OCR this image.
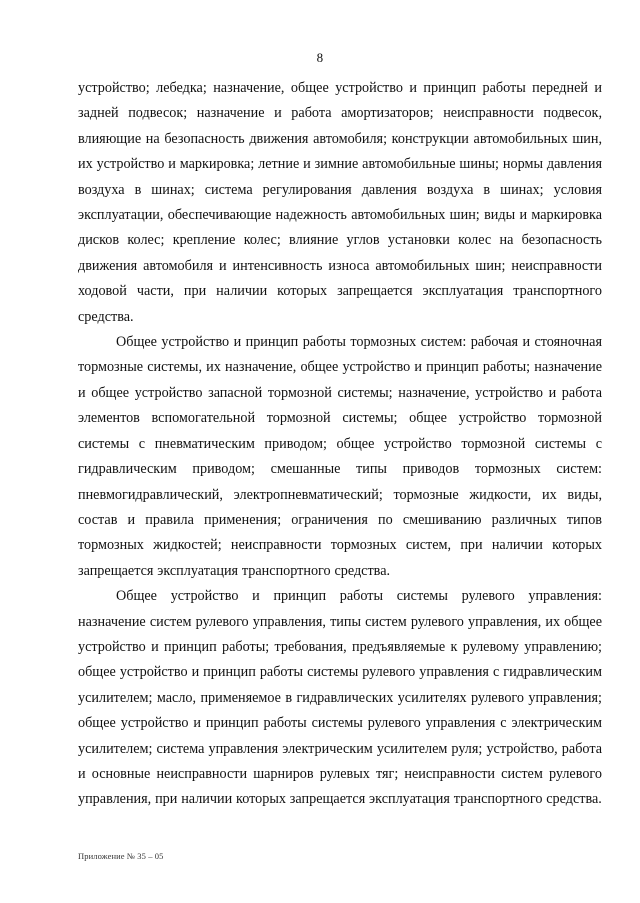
8

устройство; лебедка; назначение, общее устройство и принцип работы передней и задней подвесок; назначение и работа амортизаторов; неисправности подвесок, влияющие на безопасность движения автомобиля; конструкции автомобильных шин, их устройство и маркировка; летние и зимние автомобильные шины; нормы давления воздуха в шинах; система регулирования давления воздуха в шинах; условия эксплуатации, обеспечивающие надежность автомобильных шин; виды и маркировка дисков колес; крепление колес; влияние углов установки колес на безопасность движения автомобиля и интенсивность износа автомобильных шин; неисправности ходовой части, при наличии которых запрещается эксплуатация транспортного средства.

Общее устройство и принцип работы тормозных систем: рабочая и стояночная тормозные системы, их назначение, общее устройство и принцип работы; назначение и общее устройство запасной тормозной системы; назначение, устройство и работа элементов вспомогательной тормозной системы; общее устройство тормозной системы с пневматическим приводом; общее устройство тормозной системы с гидравлическим приводом; смешанные типы приводов тормозных систем: пневмогидравлический, электропневматический; тормозные жидкости, их виды, состав и правила применения; ограничения по смешиванию различных типов тормозных жидкостей; неисправности тормозных систем, при наличии которых запрещается эксплуатация транспортного средства.

Общее устройство и принцип работы системы рулевого управления: назначение систем рулевого управления, типы систем рулевого управления, их общее устройство и принцип работы; требования, предъявляемые к рулевому управлению; общее устройство и принцип работы системы рулевого управления с гидравлическим усилителем; масло, применяемое в гидравлических усилителях рулевого управления; общее устройство и принцип работы системы рулевого управления с электрическим усилителем; система управления электрическим усилителем руля; устройство, работа и основные неисправности шарниров рулевых тяг; неисправности систем рулевого управления, при наличии которых запрещается эксплуатация транспортного средства.

Приложение № 35 – 05
